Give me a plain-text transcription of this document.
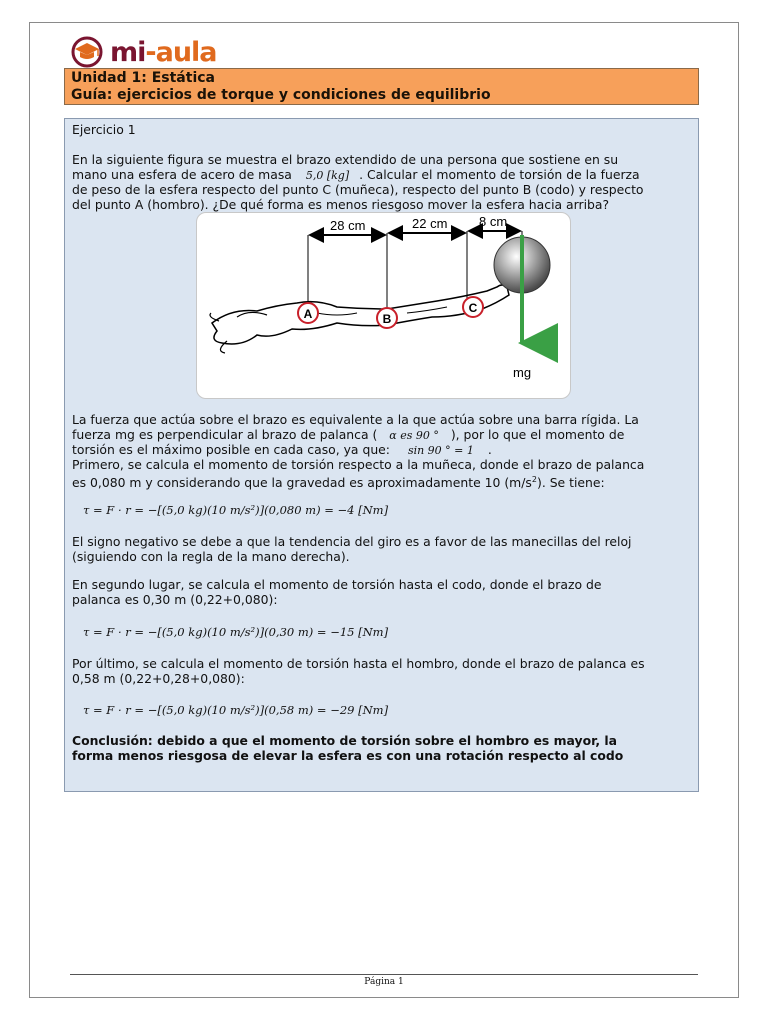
mi-aula
Unidad 1: Estática
Guía: ejercicios de torque y condiciones de equilibrio
Ejercicio 1
En la siguiente figura se muestra el brazo extendido de una persona que sostiene en su
mano una esfera de acero de masa 5,0 [kg] . Calcular el momento de torsión de la fuerza
de peso de la esfera respecto del punto C (muñeca), respecto del punto B (codo) y respecto
del punto A (hombro). ¿De qué forma es menos riesgoso mover la esfera hacia arriba?
28 cm	22 cm 8 cm
A	B
C
mg
La fuerza que actúa sobre el brazo es equivalente a la que actúa sobre una barra rígida. La
fuerza mg es perpendicular al brazo de palanca ( α es 90 ° ), por lo que el momento de
torsión es el máximo posible en cada caso, ya que: sin 90 ° = 1 .
Primero, se calcula el momento de torsión respecto a la muñeca, donde el brazo de palanca
es 0,080 m y considerando que la gravedad es aproximadamente 10 $(m/s^2)$. Se tiene:
τ = F · r = −[(5,0 kg)(10 m/s²)](0,080 m) = −4 [Nm]
El signo negativo se debe a que la tendencia del giro es a favor de las manecillas del reloj
(siguiendo con la regla de la mano derecha).
En segundo lugar, se calcula el momento de torsión hasta el codo, donde el brazo de
palanca es 0,30 m (0,22+0,080):
τ = F · r = −[(5,0 kg)(10 m/s²)](0,30 m) = −15 [Nm]
Por último, se calcula el momento de torsión hasta el hombro, donde el brazo de palanca es
0,58 m (0,22+0,28+0,080):
τ = F · r = −[(5,0 kg)(10 m/s²)](0,58 m) = −29 [Nm]
Conclusión: debido a que el momento de torsión sobre el hombro es mayor, la
forma menos riesgosa de elevar la esfera es con una rotación respecto al codo
Página 1
